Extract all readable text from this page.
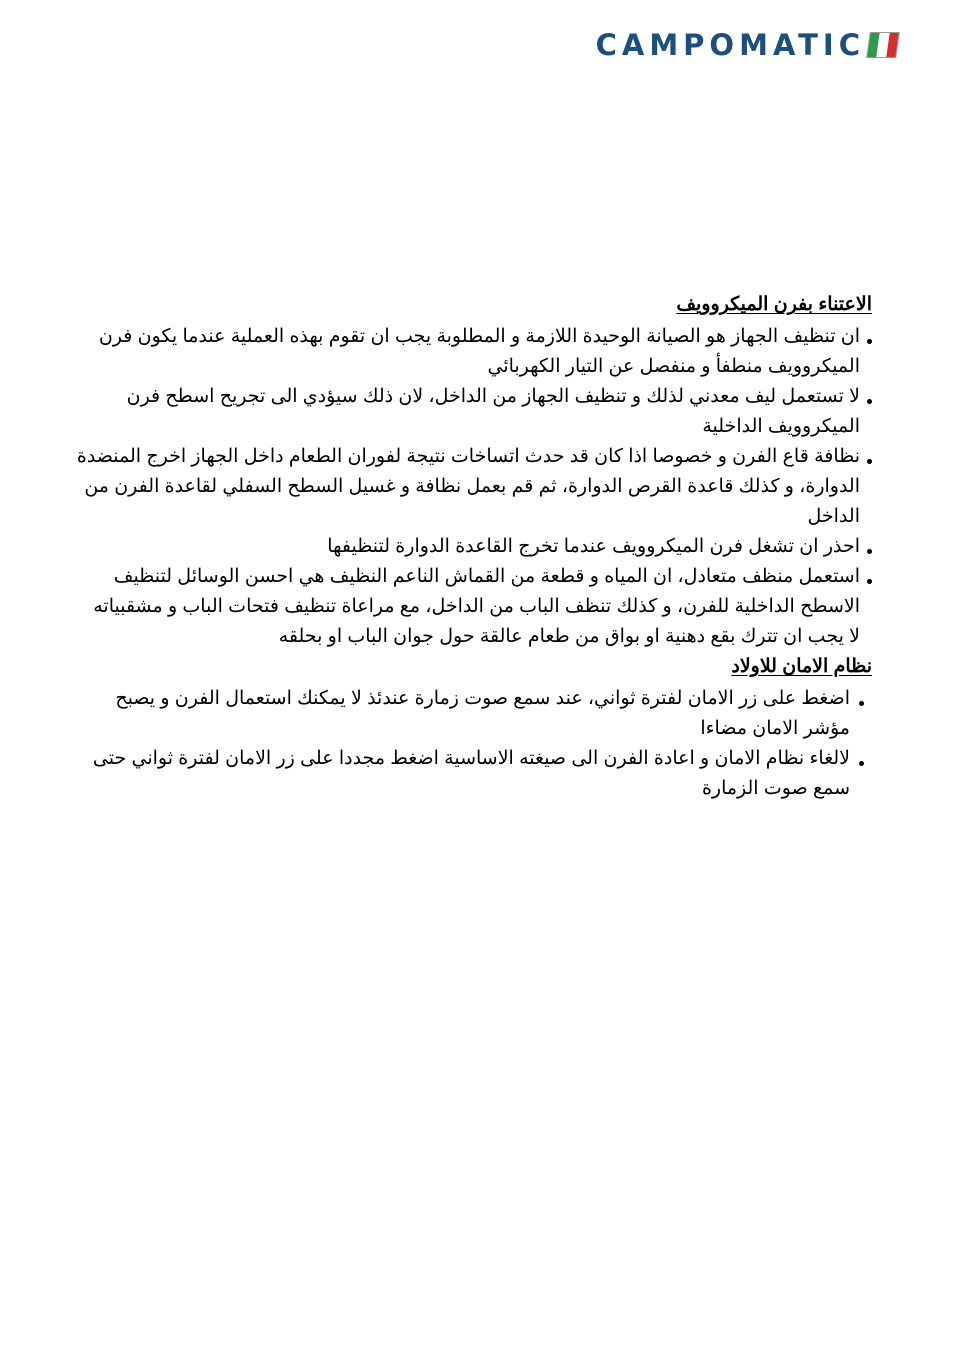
CAMPOMATIC
الاعتناء بفرن الميكروويف
ان تنظيف الجهاز هو الصيانة الوحيدة اللازمة و المطلوبة يجب ان تقوم بهذه العملية عندما يكون فرن الميكروويف منطفأ و منفصل عن التيار الكهربائي
لا تستعمل ليف معدني لذلك و تنظيف الجهاز من الداخل، لان ذلك سيؤدي الى تجريح اسطح فرن الميكروويف الداخلية
نظافة قاع الفرن و خصوصا اذا كان قد حدث اتساخات نتيجة لفوران الطعام داخل الجهاز اخرج المنضدة الدوارة، و كذلك قاعدة القرص الدوارة، ثم قم بعمل نظافة و غسيل السطح السفلي لقاعدة الفرن من الداخل
احذر ان تشغل فرن الميكروويف عندما تخرج القاعدة الدوارة لتنظيفها
استعمل منظف متعادل، ان المياه و قطعة من القماش الناعم النظيف هي احسن الوسائل لتنظيف الاسطح الداخلية للفرن، و كذلك تنظف الباب من الداخل، مع مراعاة تنظيف فتحات الباب و مشقبياته
لا يجب ان تترك بقع دهنية او بواق من طعام عالقة حول جوان الباب او بحلقه
نظام الامان للاولاد
اضغط على زر الامان لفترة ثواني، عند سمع صوت زمارة عندئذ لا يمكنك استعمال الفرن و يصبح مؤشر الامان مضاءا
لالغاء نظام الامان و اعادة الفرن الى صيغته الاساسية اضغط مجددا على زر الامان لفترة ثواني حتى سمع صوت الزمارة
